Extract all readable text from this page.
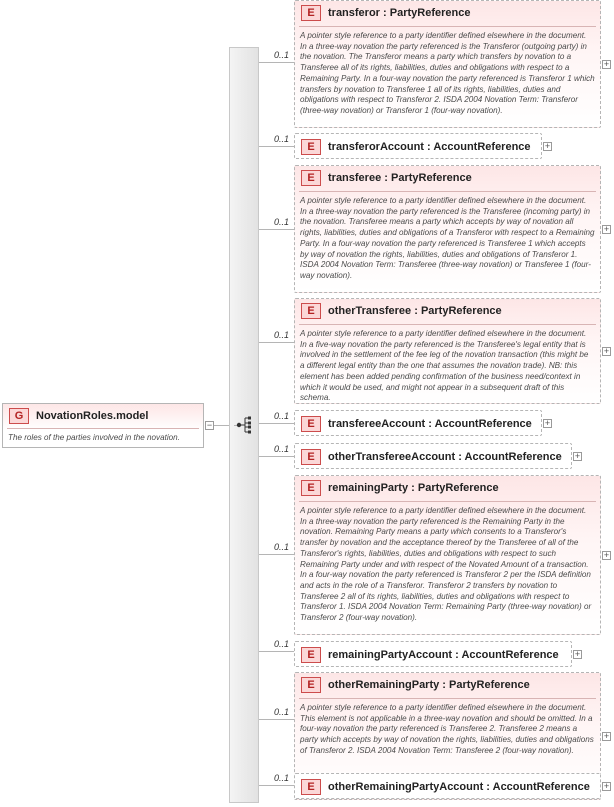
G	NovationRoles.model
The roles of the parties involved in the novation.
−
E	transferor : PartyReference
A pointer style reference to a party identifier defined elsewhere in the document. In a three-way novation the party referenced is the Transferor (outgoing party) in the novation. The Transferor means a party which transfers by novation to a Transferee all of its rights, liabilities, duties and obligations with respect to a Remaining Party. In a four-way novation the party referenced is Transferor 1 which transfers by novation to Transferee 1 all of its rights, liabilities, duties and obligations with respect to Transferor 2. ISDA 2004 Novation Term: Transferor (three-way novation) or Transferor 1 (four-way novation).
0..1
+
E	transferorAccount : AccountReference
0..1
+
E	transferee : PartyReference
A pointer style reference to a party identifier defined elsewhere in the document. In a three-way novation the party referenced is the Transferee (incoming party) in the novation. Transferee means a party which accepts by way of novation all rights, liabilities, duties and obligations of a Transferor with respect to a Remaining Party. In a four-way novation the party referenced is Transferee 1 which accepts by way of novation the rights, liabilities, duties and obligations of Transferor 1. ISDA 2004 Novation Term: Transferee (three-way novation) or Transferee 1 (four-way novation).
0..1
+
E	otherTransferee : PartyReference
A pointer style reference to a party identifier defined elsewhere in the document. In a five-way novation the party referenced is the Transferee's legal entity that is involved in the settlement of the fee leg of the novation transaction (this might be a different legal entity than the one that assumes the novation trade). NB: this element has been added pending confirmation of the business need/context in which it would be used, and might not appear in a subsequent draft of this schema.
0..1
+
E	transfereeAccount : AccountReference
0..1
+
E	otherTransfereeAccount : AccountReference
0..1
+
E	remainingParty : PartyReference
A pointer style reference to a party identifier defined elsewhere in the document. In a three-way novation the party referenced is the Remaining Party in the novation. Remaining Party means a party which consents to a Transferor's transfer by novation and the acceptance thereof by the Transferee of all of the Transferor's rights, liabilities, duties and obligations with respect to such Remaining Party under and with respect of the Novated Amount of a transaction. In a four-way novation the party referenced is Transferor 2 per the ISDA definition and acts in the role of a Transferor. Transferor 2 transfers by novation to Transferee 2 all of its rights, liabilities, duties and obligations with respect to Transferor 1. ISDA 2004 Novation Term: Remaining Party (three-way novation) or Transferor 2 (four-way novation).
0..1
+
E	remainingPartyAccount : AccountReference
0..1
+
E	otherRemainingParty : PartyReference
A pointer style reference to a party identifier defined elsewhere in the document. This element is not applicable in a three-way novation and should be omitted. In a four-way novation the party referenced is Transferee 2. Transferee 2 means a party which accepts by way of novation the rights, liabilities, duties and obligations of Transferor 2. ISDA 2004 Novation Term: Transferee 2 (four-way novation).
0..1
+
E	otherRemainingPartyAccount : AccountReference
0..1
+
